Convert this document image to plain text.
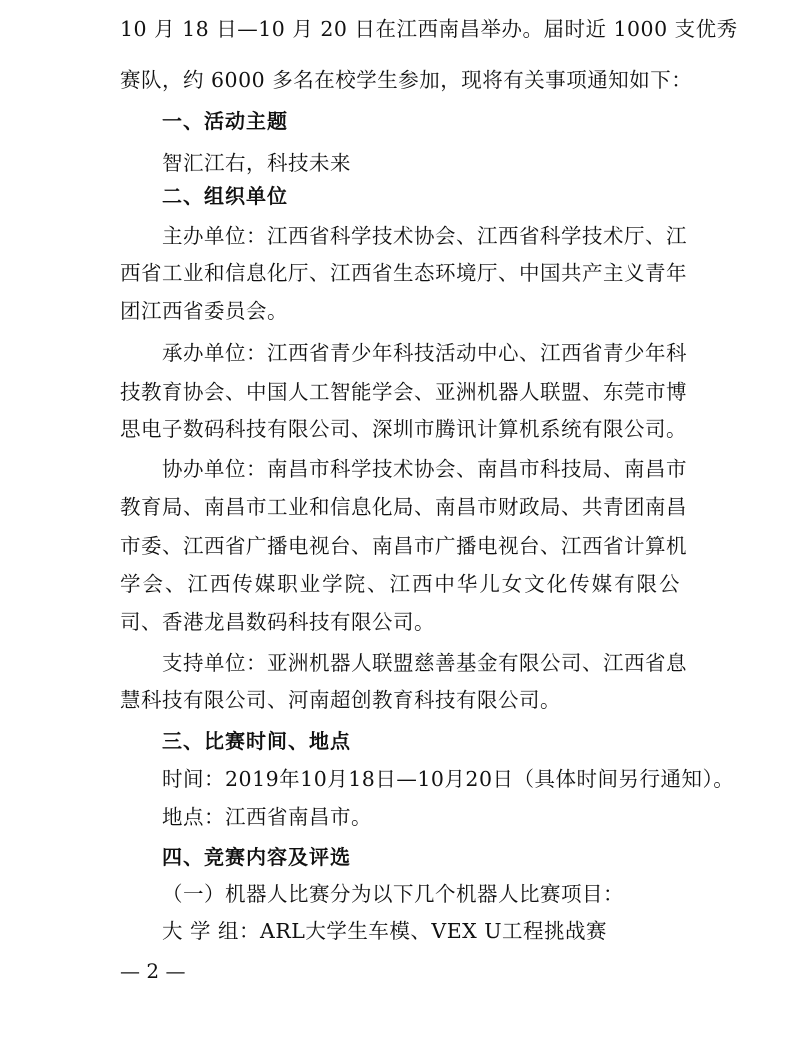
10 月 18 日—10 月 20 日在江西南昌举办。届时近 1000 支优秀
赛队，约 6000 多名在校学生参加，现将有关事项通知如下：
一、活动主题
智汇江右，科技未来
二、组织单位
主办单位：江西省科学技术协会、江西省科学技术厅、江
西省工业和信息化厅、江西省生态环境厅、中国共产主义青年
团江西省委员会。
承办单位：江西省青少年科技活动中心、江西省青少年科
技教育协会、中国人工智能学会、亚洲机器人联盟、东莞市博
思电子数码科技有限公司、深圳市腾讯计算机系统有限公司。
协办单位：南昌市科学技术协会、南昌市科技局、南昌市
教育局、南昌市工业和信息化局、南昌市财政局、共青团南昌
市委、江西省广播电视台、南昌市广播电视台、江西省计算机
学会、江西传媒职业学院、江西中华儿女文化传媒有限公
司、香港龙昌数码科技有限公司。
支持单位：亚洲机器人联盟慈善基金有限公司、江西省息
慧科技有限公司、河南超创教育科技有限公司。
三、比赛时间、地点
时间：2019年10月18日—10月20日（具体时间另行通知）。
地点：江西省南昌市。
四、竞赛内容及评选
（一）机器人比赛分为以下几个机器人比赛项目：
大 学 组：ARL大学生车模、VEX U工程挑战赛
— 2 —
